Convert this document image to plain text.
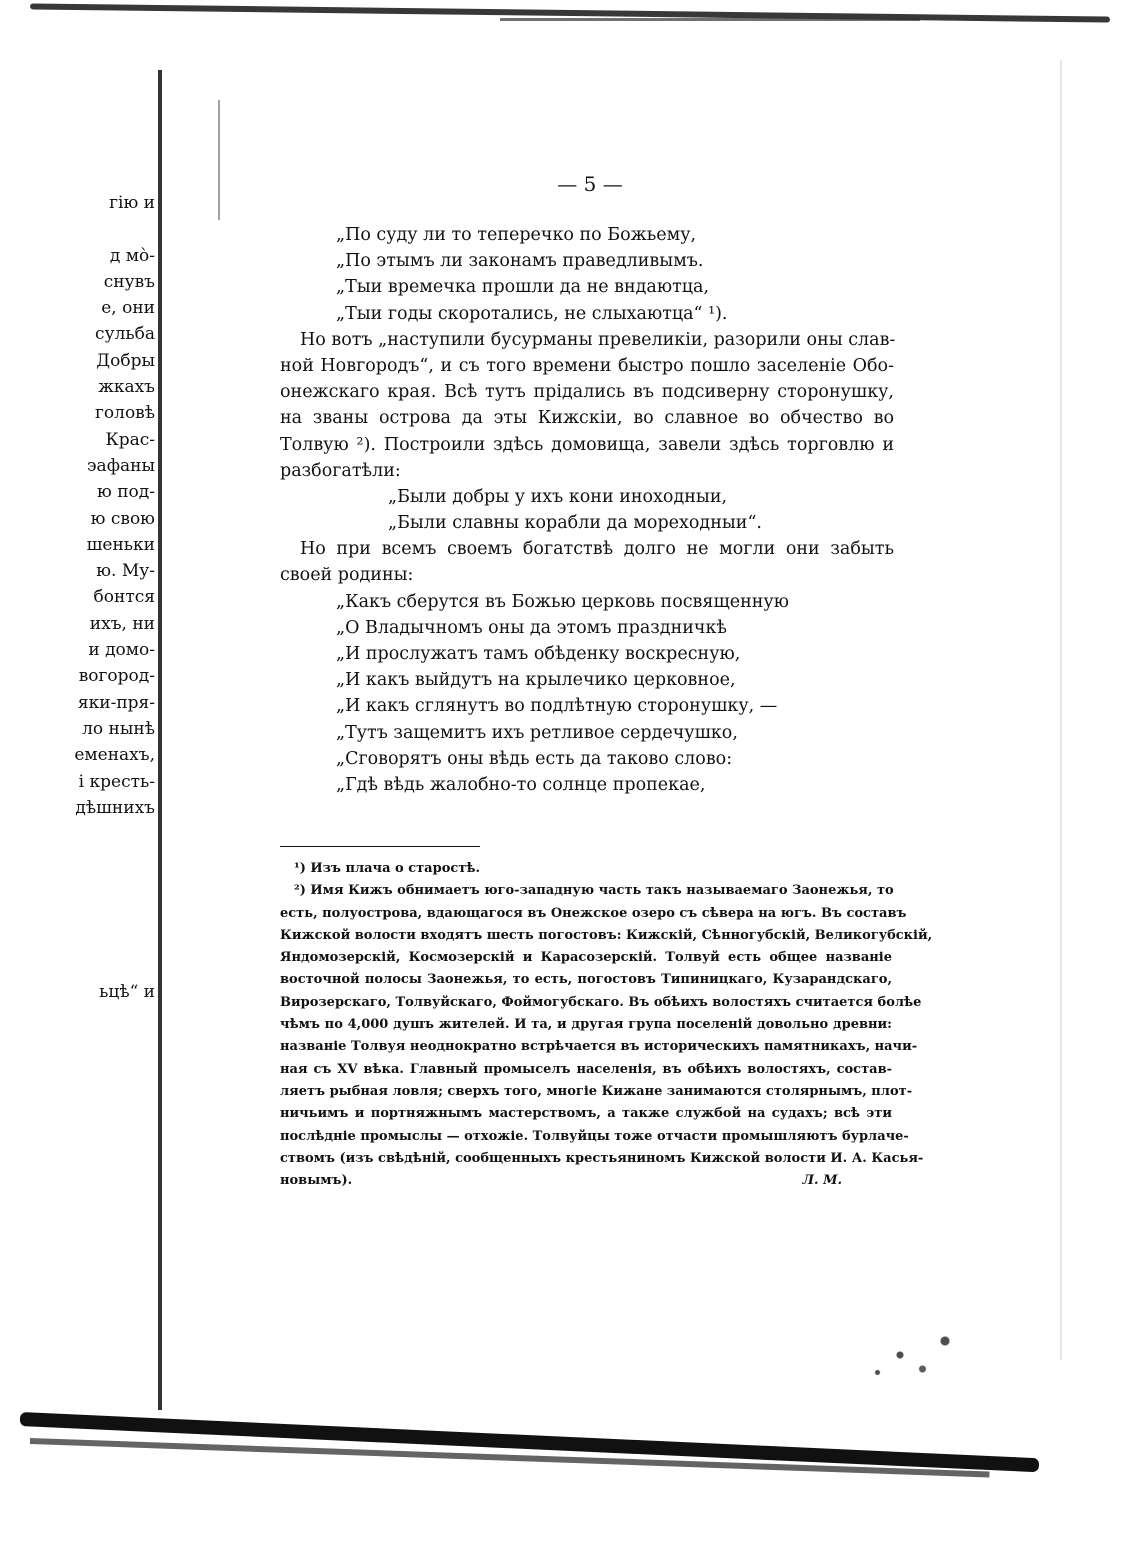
гію и
д мо̀-
снувъ
е, они
сульба
Добры
жкахъ
головѣ
Крас-
эафаны
ю под-
ю свою
шеньки
ю. Му-
бонтся
ихъ, ни
и домо-
вогород-
яки-пря-
ло нынѣ
еменахъ,
і кресть-
дѣшнихъ
ьцѣ“ и
— 5 —
„По суду ли то теперечко по Божьему,
„По этымъ ли законамъ праведливымъ.
„Тыи времечка прошли да не вндаютца,
„Тыи годы скоротались, не слыхаютца“ ¹).
Но вотъ „наступили бусурманы превеликіи, разорили оны слав-
ной Новгородъ“, и съ того времени быстро пошло заселеніе Обо-
онежскаго края. Всѣ тутъ прідались въ подсиверну сторонушку,
на званы острова да эты Кижскіи, во славное во обчество во
Толвую ²). Построили здѣсь домовища, завели здѣсь торговлю и
разбогатѣли:
„Были добры у ихъ кони иноходныи,
„Были славны корабли да мореходныи“.
Но при всемъ своемъ богатствѣ долго не могли они забыть
своей родины:
„Какъ сберутся въ Божью церковь посвященную
„О Владычномъ оны да этомъ праздничкѣ
„И прослужатъ тамъ обѣденку воскресную,
„И какъ выйдутъ на крылечико церковное,
„И какъ сглянутъ во подлѣтную сторонушку, —
„Тутъ защемитъ ихъ ретливое сердечушко,
„Сговорятъ оны вѣдь есть да таково слово:
„Гдѣ вѣдь жалобно-то солнце пропекае,
¹) Изъ плача о старостѣ.
²) Имя Кижъ обнимаетъ юго-западную часть такъ называемаго Заонежья, то
есть, полуострова, вдающагося въ Онежское озеро съ сѣвера на югъ. Въ составъ
Кижской волости входятъ шесть погостовъ: Кижскій, Сѣнногубскій, Великогубскій,
Яндомозерскій, Космозерскій и Карасозерскій. Толвуй есть общее названіе
восточной полосы Заонежья, то есть, погостовъ Типиницкаго, Кузарандскаго,
Вирозерскаго, Толвуйскаго, Фоймогубскаго. Въ обѣихъ волостяхъ считается болѣе
чѣмъ по 4,000 душъ жителей. И та, и другая група поселеній довольно древни:
названіе Толвуя неоднократно встрѣчается въ историческихъ памятникахъ, начи-
ная съ XV вѣка. Главный промыселъ населенія, въ обѣихъ волостяхъ, состав-
ляетъ рыбная ловля; сверхъ того, многіе Кижане занимаются столярнымъ, плот-
ничьимъ и портняжнымъ мастерствомъ, а также службой на судахъ; всѣ эти
послѣдніе промыслы — отхожіе. Толвуйцы тоже отчасти промышляютъ бурлаче-
ствомъ (изъ свѣдѣній, сообщенныхъ крестьяниномъ Кижской волости И. А. Касья-
новымъ).	Л. М.
